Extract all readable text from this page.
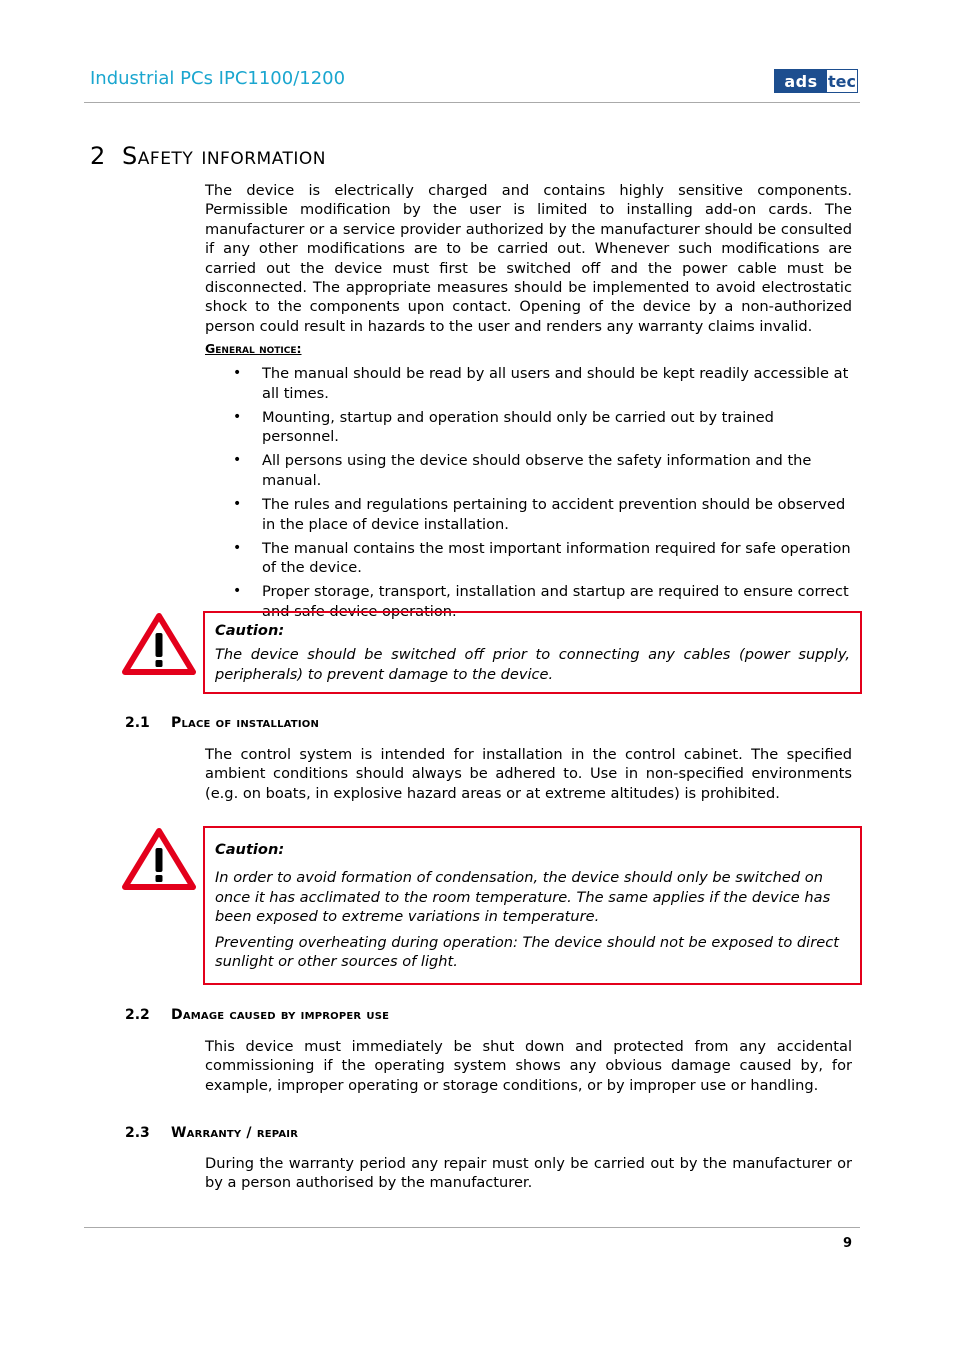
Industrial PCs IPC1100/1200	ads tec
2 Safety information
The device is electrically charged and contains highly sensitive components. Permissible modification by the user is limited to installing add-on cards. The manufacturer or a service provider authorized by the manufacturer should be consulted if any other modifications are to be carried out. Whenever such modifications are carried out the device must first be switched off and the power cable must be disconnected. The appropriate measures should be implemented to avoid electrostatic shock to the components upon contact. Opening of the device by a non-authorized person could result in hazards to the user and renders any warranty claims invalid.
General notice:
• The manual should be read by all users and should be kept readily accessible at all times.
• Mounting, startup and operation should only be carried out by trained personnel.
• All persons using the device should observe the safety information and the manual.
• The rules and regulations pertaining to accident prevention should be observed in the place of device installation.
• The manual contains the most important information required for safe operation of the device.
• Proper storage, transport, installation and startup are required to ensure correct and safe device operation.
Caution:
The device should be switched off prior to connecting any cables (power supply, peripherals) to prevent damage to the device.
2.1 Place of installation
The control system is intended for installation in the control cabinet. The specified ambient conditions should always be adhered to. Use in non-specified environments (e.g. on boats, in explosive hazard areas or at extreme altitudes) is prohibited.
Caution:

In order to avoid formation of condensation, the device should only be switched on once it has acclimated to the room temperature. The same applies if the device has been exposed to extreme variations in temperature.

Preventing overheating during operation: The device should not be exposed to direct sunlight or other sources of light.

2.2 Damage caused by improper use
This device must immediately be shut down and protected from any accidental commissioning if the operating system shows any obvious damage caused by, for example, improper operating or storage conditions, or by improper use or handling.
2.3 Warranty / repair
During the warranty period any repair must only be carried out by the manufacturer or by a person authorised by the manufacturer.
9
